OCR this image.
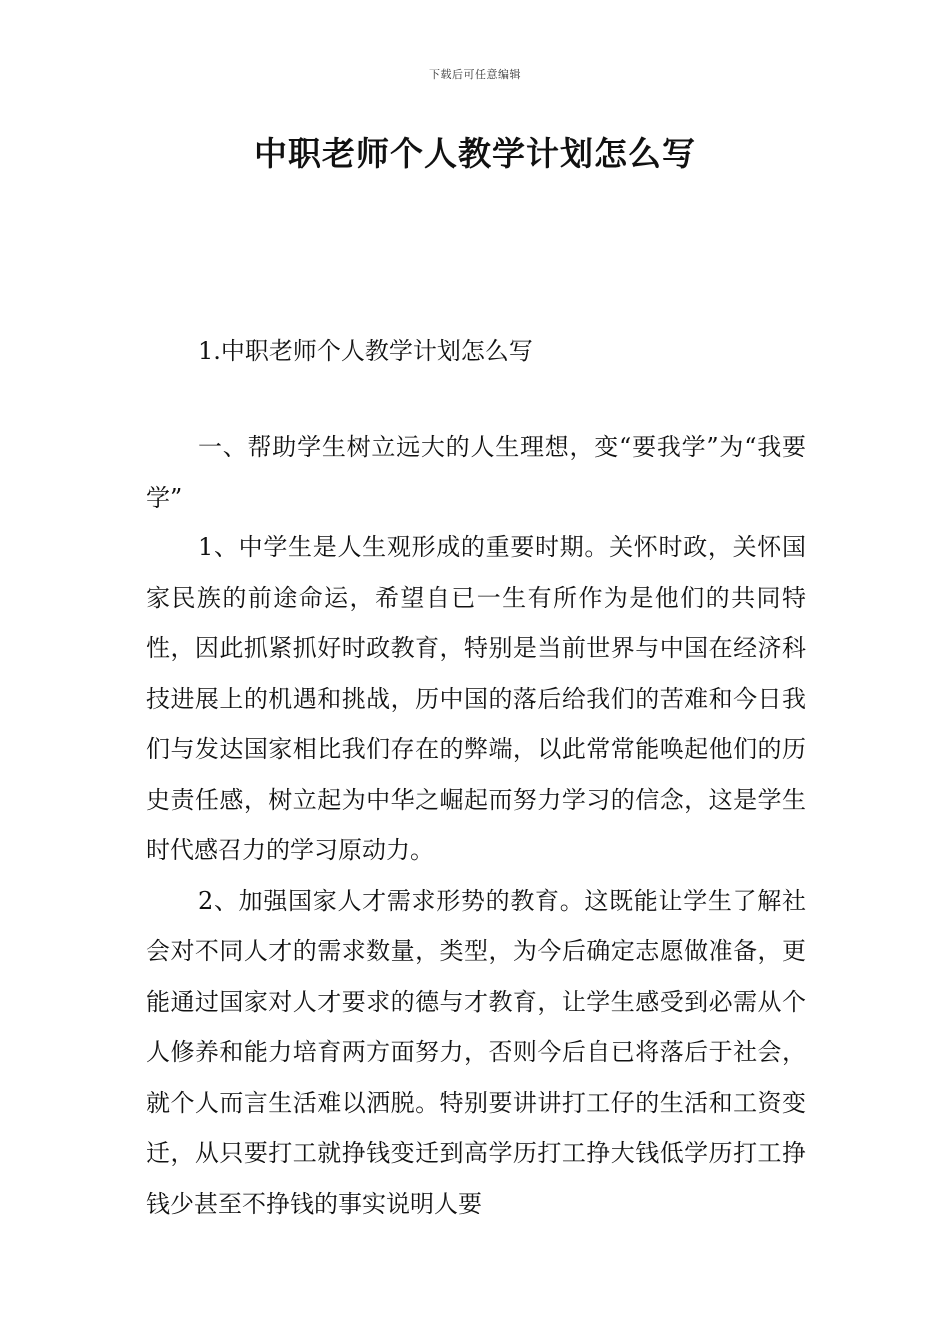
下载后可任意编辑
中职老师个人教学计划怎么写

1.中职老师个人教学计划怎么写

一、帮助学生树立远大的人生理想，变“要我学”为“我要学”

1、中学生是人生观形成的重要时期。关怀时政，关怀国家民族的前途命运，希望自已一生有所作为是他们的共同特性，因此抓紧抓好时政教育，特别是当前世界与中国在经济科技进展上的机遇和挑战，历中国的落后给我们的苦难和今日我们与发达国家相比我们存在的弊端，以此常常能唤起他们的历史责任感，树立起为中华之崛起而努力学习的信念，这是学生时代感召力的学习原动力。

2、加强国家人才需求形势的教育。这既能让学生了解社会对不同人才的需求数量，类型，为今后确定志愿做准备，更能通过国家对人才要求的德与才教育，让学生感受到必需从个人修养和能力培育两方面努力，否则今后自已将落后于社会，就个人而言生活难以洒脱。特别要讲讲打工仔的生活和工资变迁，从只要打工就挣钱变迁到高学历打工挣大钱低学历打工挣钱少甚至不挣钱的事实说明人要
